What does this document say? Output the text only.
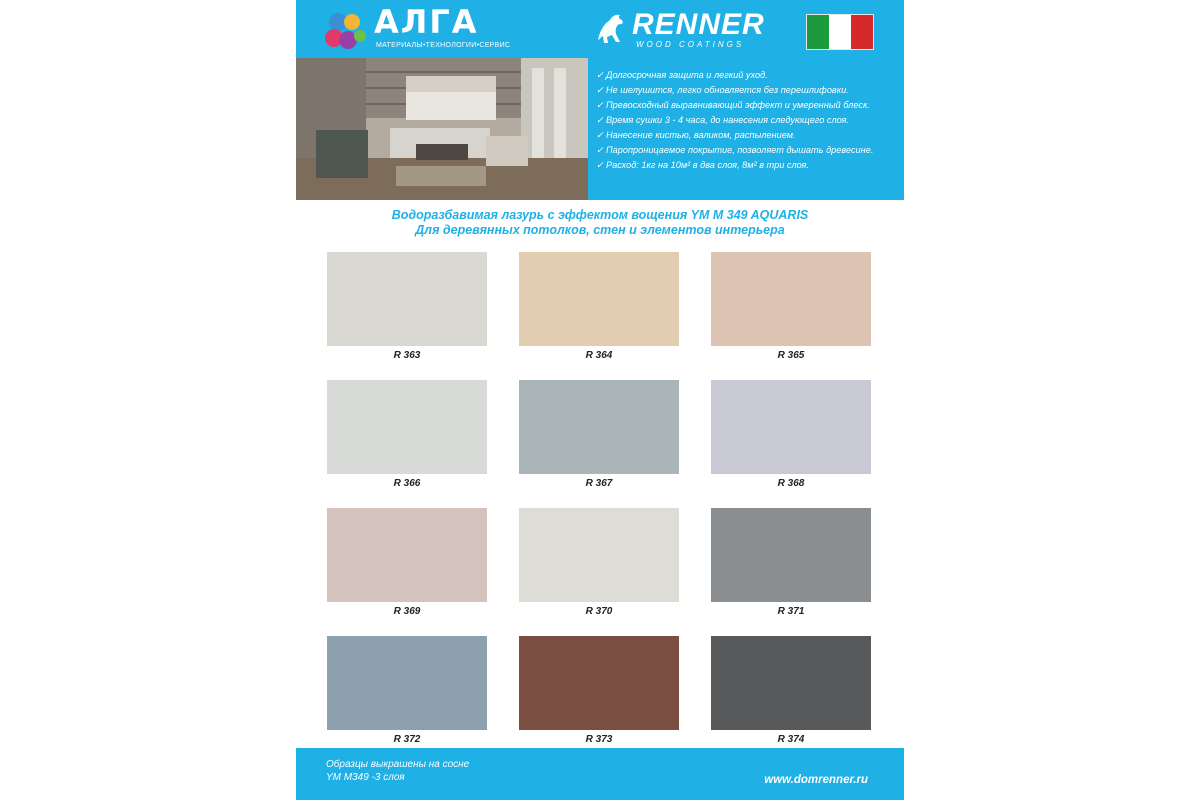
АЛГА
МАТЕРИАЛЫ•ТЕХНОЛОГИИ•СЕРВИС
RENNER
WOOD COATINGS
✓ Долгосрочная защита и легкий уход.
✓ Не шелушится, легко обновляется без перешлифовки.
✓ Превосходный выравнивающий эффект и умеренный блеск.
✓ Время сушки 3 - 4 часа, до нанесения следующего слоя.
✓ Нанесение кистью, валиком, распылением.
✓ Паропроницаемое покрытие, позволяет дышать древесине.
✓ Расход: 1кг на 10м² в два слоя, 8м² в три слоя.
Водоразбавимая лазурь с эффектом вощения YM M 349 AQUARIS
Для деревянных потолков, стен и элементов интерьера
R 363	R 364	R 365
R 366	R 367	R 368
R 369	R 370	R 371
R 372	R 373	R 374
Образцы выкрашены на сосне
YM M349 -3 слоя	www.domrenner.ru
